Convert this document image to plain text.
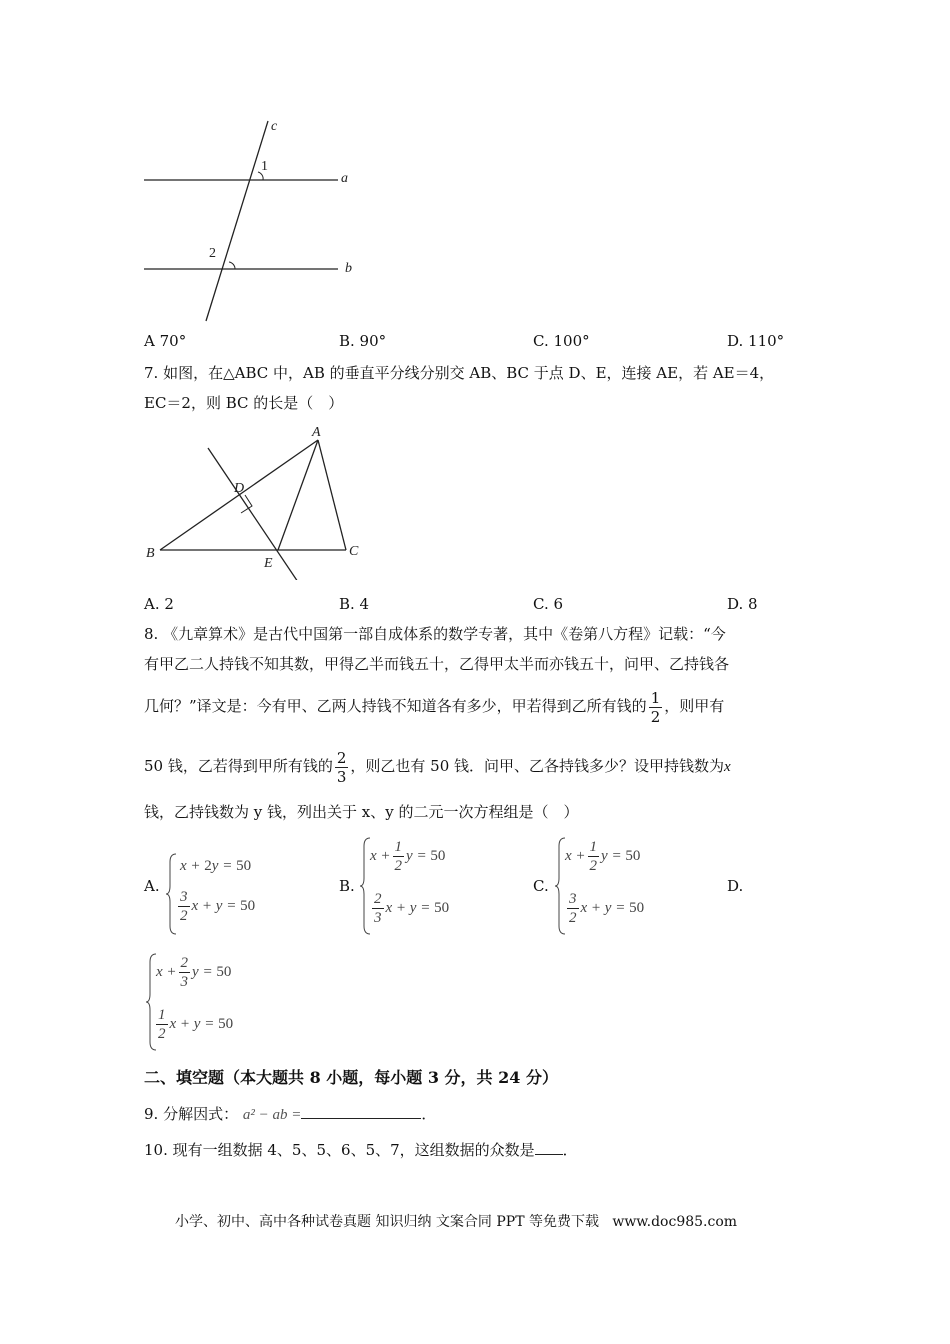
c
a
b
1
2
A 70°	B. 90°	C. 100°	D. 110°
7. 如图，在△ABC 中，AB 的垂直平分线分别交 AB、BC 于点 D、E，连接 AE，若 AE＝4，
EC＝2，则 BC 的长是（　）
A
B	C
D
E
A. 2	B. 4	C. 6	D. 8
8. 《九章算术》是古代中国第一部自成体系的数学专著，其中《卷第八方程》记载：“今
有甲乙二人持钱不知其数，甲得乙半而钱五十，乙得甲太半而亦钱五十，问甲、乙持钱各
几何？”译文是：今有甲、乙两人持钱不知道各有多少，甲若得到乙所有钱的 $\frac{1}{2}$ ，则甲有
50 钱，乙若得到甲所有钱的 $\frac{2}{3}$ ，则乙也有 50 钱．问甲、乙各持钱多少？设甲持钱数为x
钱，乙持钱数为 y 钱，列出关于 x、y 的二元一次方程组是（　）
A.
x + 2y = 50
$\frac{3}{2}$ x + y = 50
B.
$x + \frac{1}{2}$ y = 50
$\frac{2}{3}$ x + y = 50
C.
$x + \frac{1}{2}$ y = 50
$\frac{3}{2}$ x + y = 50
D.
$x + \frac{2}{3}$ y = 50
$\frac{1}{2}$ x + y = 50
二、填空题（本大题共 8 小题，每小题 3 分，共 24 分）
9. 分解因式： a² − ab =	．
10. 现有一组数据 4、5、5、6、5、7，这组数据的众数是 ．
小学、初中、高中各种试卷真题 知识归纳 文案合同 PPT 等免费下载 www.doc985.com
